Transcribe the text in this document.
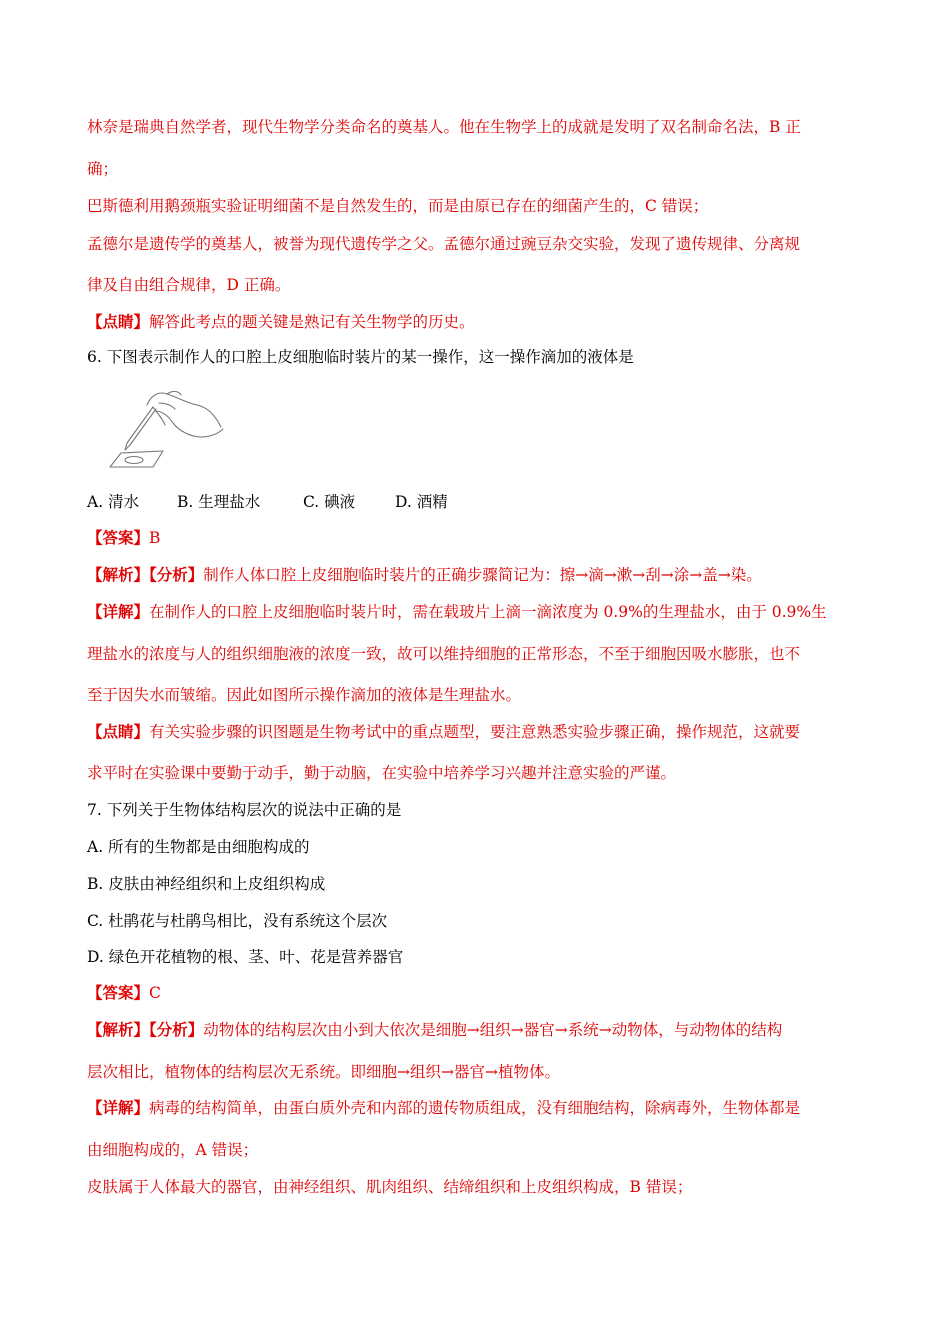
林奈是瑞典自然学者，现代生物学分类命名的奠基人。他在生物学上的成就是发明了双名制命名法，B 正
确；
巴斯德利用鹅颈瓶实验证明细菌不是自然发生的，而是由原已存在的细菌产生的，C 错误；
孟德尔是遗传学的奠基人，被誉为现代遗传学之父。孟德尔通过豌豆杂交实验，发现了遗传规律、分离规
律及自由组合规律，D 正确。
【点睛】解答此考点的题关键是熟记有关生物学的历史。
6. 下图表示制作人的口腔上皮细胞临时装片的某一操作，这一操作滴加的液体是
A. 清水 B. 生理盐水	C. 碘液	D. 酒精
【答案】B
【解析】【分析】制作人体口腔上皮细胞临时装片的正确步骤简记为：擦→滴→漱→刮→涂→盖→染。
【详解】在制作人的口腔上皮细胞临时装片时，需在载玻片上滴一滴浓度为 0.9%的生理盐水，由于 0.9%生
理盐水的浓度与人的组织细胞液的浓度一致，故可以维持细胞的正常形态，不至于细胞因吸水膨胀，也不
至于因失水而皱缩。因此如图所示操作滴加的液体是生理盐水。
【点睛】有关实验步骤的识图题是生物考试中的重点题型，要注意熟悉实验步骤正确，操作规范，这就要
求平时在实验课中要勤于动手，勤于动脑，在实验中培养学习兴趣并注意实验的严谨。
7. 下列关于生物体结构层次的说法中正确的是
A. 所有的生物都是由细胞构成的
B. 皮肤由神经组织和上皮组织构成
C. 杜鹃花与杜鹃鸟相比，没有系统这个层次
D. 绿色开花植物的根、茎、叶、花是营养器官
【答案】C
【解析】【分析】动物体的结构层次由小到大依次是细胞→组织→器官→系统→动物体，与动物体的结构
层次相比，植物体的结构层次无系统。即细胞→组织→器官→植物体。
【详解】病毒的结构简单，由蛋白质外壳和内部的遗传物质组成，没有细胞结构，除病毒外，生物体都是
由细胞构成的，A 错误；
皮肤属于人体最大的器官，由神经组织、肌肉组织、结缔组织和上皮组织构成，B 错误；
